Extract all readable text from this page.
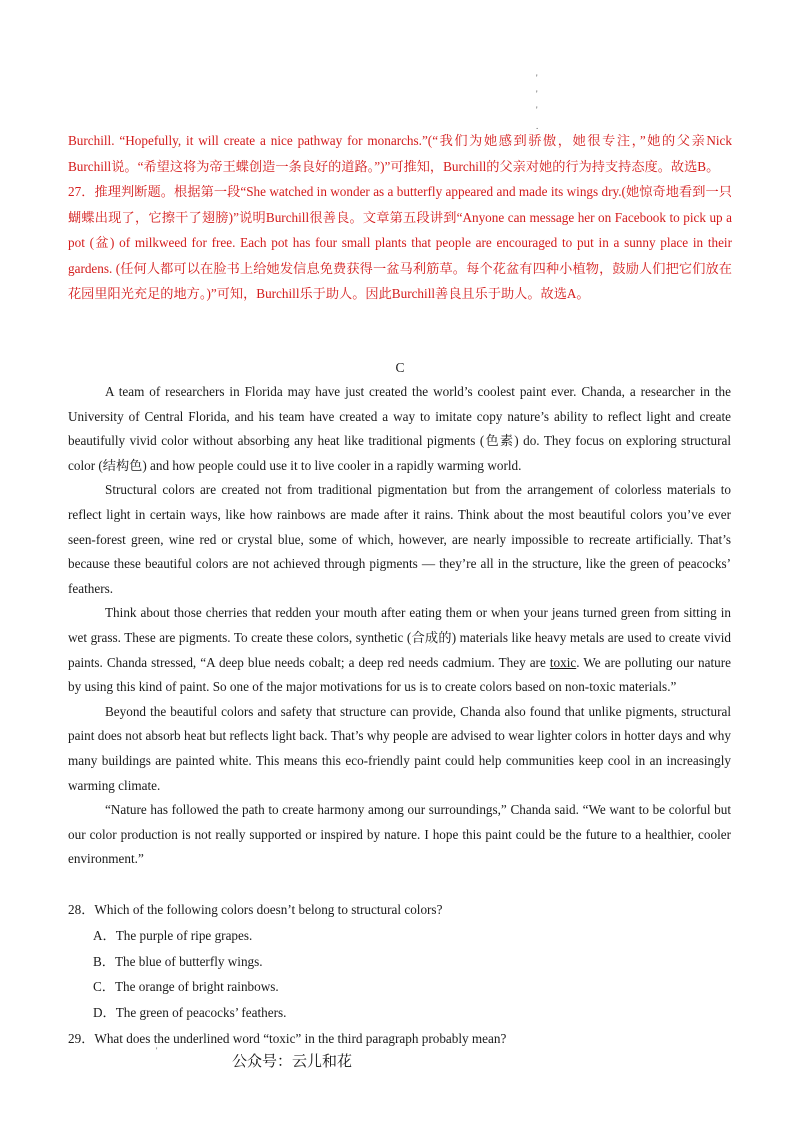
'
'
'
.

Burchill. “Hopefully, it will create a nice pathway for monarchs.”(“我们为她感到骄傲，她很专注，”她的父亲Nick Burchill说。“希望这将为帝王蝶创造一条良好的道路。”)”可推知，Burchill的父亲对她的行为持支持态度。故选B。

27．推理判断题。根据第一段“She watched in wonder as a butterfly appeared and made its wings dry.(她惊奇地看到一只蝴蝶出现了，它擦干了翅膀)”说明Burchill很善良。文章第五段讲到“Anyone can message her on Facebook to pick up a pot (盆) of milkweed for free. Each pot has four small plants that people are encouraged to put in a sunny place in their gardens. (任何人都可以在脸书上给她发信息免费获得一盆马利筋草。每个花盆有四种小植物，鼓励人们把它们放在花园里阳光充足的地方。)”可知，Burchill乐于助人。因此Burchill善良且乐于助人。故选A。

C

A team of researchers in Florida may have just created the world’s coolest paint ever. Chanda, a researcher in the University of Central Florida, and his team have created a way to imitate copy nature’s ability to reflect light and create beautifully vivid color without absorbing any heat like traditional pigments (色素) do. They focus on exploring structural color (结构色) and how people could use it to live cooler in a rapidly warming world.

Structural colors are created not from traditional pigmentation but from the arrangement of colorless materials to reflect light in certain ways, like how rainbows are made after it rains. Think about the most beautiful colors you’ve ever seen-forest green, wine red or crystal blue, some of which, however, are nearly impossible to recreate artificially. That’s because these beautiful colors are not achieved through pigments — they’re all in the structure, like the green of peacocks’ feathers.

Think about those cherries that redden your mouth after eating them or when your jeans turned green from sitting in wet grass. These are pigments. To create these colors, synthetic (合成的) materials like heavy metals are used to create vivid paints. Chanda stressed, “A deep blue needs cobalt; a deep red needs cadmium. They are toxic. We are polluting our nature by using this kind of paint. So one of the major motivations for us is to create colors based on non-toxic materials.”

Beyond the beautiful colors and safety that structure can provide, Chanda also found that unlike pigments, structural paint does not absorb heat but reflects light back. That’s why people are advised to wear lighter colors in hotter days and why many buildings are painted white. This means this eco-friendly paint could help communities keep cool in an increasingly warming climate.

“Nature has followed the path to create harmony among our surroundings,” Chanda said. “We want to be colorful but our color production is not really supported or inspired by nature. I hope this paint could be the future to a healthier, cooler environment.”

28．Which of the following colors doesn’t belong to structural colors?

A．The purple of ripe grapes.

B．The blue of butterfly wings.

C．The orange of bright rainbows.

D．The green of peacocks’ feathers.

29．What does the underlined word “toxic” in the third paragraph probably mean?

'
公众号：云儿和花
